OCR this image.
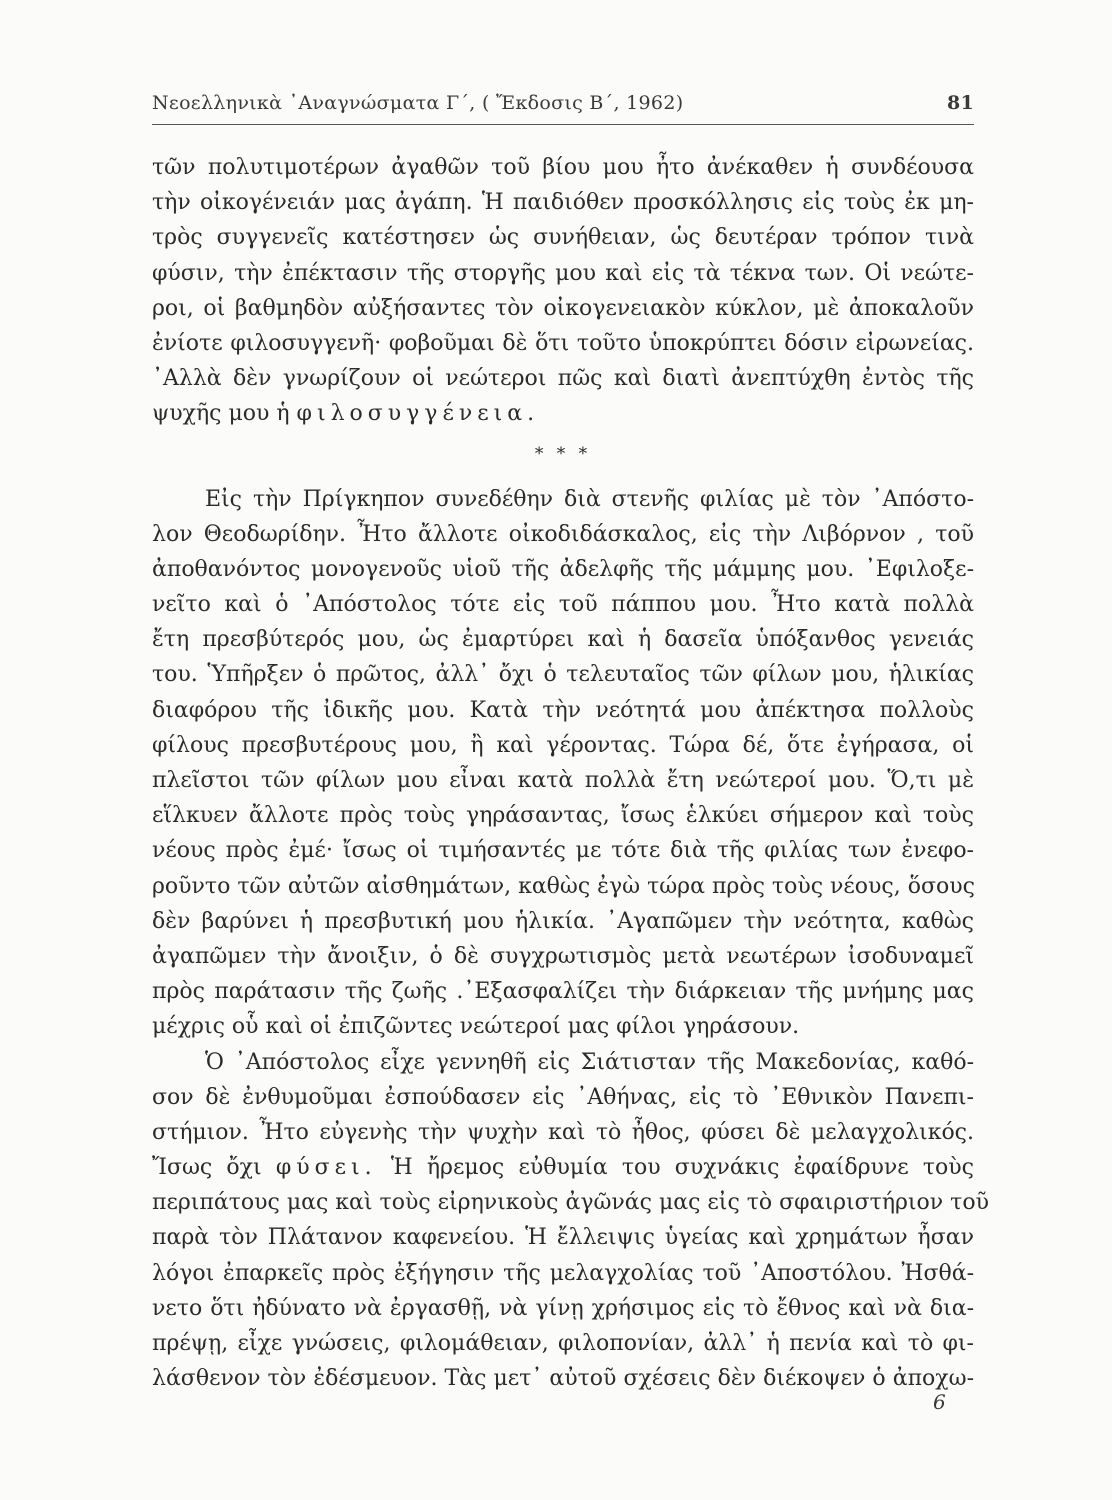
Νεοελληνικὰ ᾿Αναγνώσματα Γ΄, ( Ἔκδοσις Β΄, 1962)	81
τῶν πολυτιμοτέρων ἀγαθῶν τοῦ βίου μου ἦτο ἀνέκαθεν ἡ συνδέουσα
τὴν οἰκογένειάν μας ἀγάπη. Ἡ παιδιόθεν προσκόλλησις εἰς τοὺς ἐκ μη-
τρὸς συγγενεῖς κατέστησεν ὡς συνήθειαν, ὡς δευτέραν τρόπον τινὰ
φύσιν, τὴν ἐπέκτασιν τῆς στοργῆς μου καὶ εἰς τὰ τέκνα των. Οἱ νεώτε-
ροι, οἱ βαθμηδὸν αὐξήσαντες τὸν οἰκογενειακὸν κύκλον, μὲ ἀποκαλοῦν
ἐνίοτε φιλοσυγγενῆ· φοβοῦμαι δὲ ὅτι τοῦτο ὑποκρύπτει δόσιν εἰρωνείας.
᾿Αλλὰ δὲν γνωρίζουν οἱ νεώτεροι πῶς καὶ διατὶ ἀνεπτύχθη ἐντὸς τῆς
ψυχῆς μου ἡ φιλοσυγγένεια.
* * *
Εἰς τὴν Πρίγκηπον συνεδέθην διὰ στενῆς φιλίας μὲ τὸν ᾿Απόστο-
λον Θεοδωρίδην. Ἦτο ἄλλοτε οἰκοδιδάσκαλος, εἰς τὴν Λιβόρνον , τοῦ
ἀποθανόντος μονογενοῦς υἱοῦ τῆς ἀδελφῆς τῆς μάμμης μου. ᾿Εφιλοξε-
νεῖτο καὶ ὁ ᾿Απόστολος τότε εἰς τοῦ πάππου μου. Ἦτο κατὰ πολλὰ
ἔτη πρεσβύτερός μου, ὡς ἐμαρτύρει καὶ ἡ δασεῖα ὑπόξανθος γενειάς
του. Ὑπῆρξεν ὁ πρῶτος, ἀλλ᾿ ὄχι ὁ τελευταῖος τῶν φίλων μου, ἡλικίας
διαφόρου τῆς ἰδικῆς μου. Κατὰ τὴν νεότητά μου ἀπέκτησα πολλοὺς
φίλους πρεσβυτέρους μου, ἢ καὶ γέροντας. Τώρα δέ, ὅτε ἐγήρασα, οἱ
πλεῖστοι τῶν φίλων μου εἶναι κατὰ πολλὰ ἔτη νεώτεροί μου. Ὅ,τι μὲ
εἵλκυεν ἄλλοτε πρὸς τοὺς γηράσαντας, ἴσως ἑλκύει σήμερον καὶ τοὺς
νέους πρὸς ἐμέ· ἴσως οἱ τιμήσαντές με τότε διὰ τῆς φιλίας των ἐνεφο-
ροῦντο τῶν αὐτῶν αἰσθημάτων, καθὼς ἐγὼ τώρα πρὸς τοὺς νέους, ὅσους
δὲν βαρύνει ἡ πρεσβυτική μου ἡλικία. ᾿Αγαπῶμεν τὴν νεότητα, καθὼς
ἀγαπῶμεν τὴν ἄνοιξιν, ὁ δὲ συγχρωτισμὸς μετὰ νεωτέρων ἰσοδυναμεῖ
πρὸς παράτασιν τῆς ζωῆς .᾿Εξασφαλίζει τὴν διάρκειαν τῆς μνήμης μας
μέχρις οὗ καὶ οἱ ἐπιζῶντες νεώτεροί μας φίλοι γηράσουν.
Ὁ ᾿Απόστολος εἶχε γεννηθῆ εἰς Σιάτισταν τῆς Μακεδονίας, καθό-
σον δὲ ἐνθυμοῦμαι ἐσπούδασεν εἰς ᾿Αθήνας, εἰς τὸ ᾿Εθνικὸν Πανεπι-
στήμιον. Ἦτο εὐγενὴς τὴν ψυχὴν καὶ τὸ ἦθος, φύσει δὲ μελαγχολικός.
Ἴσως ὄχι φύσει. Ἡ ἤρεμος εὐθυμία του συχνάκις ἐφαίδρυνε τοὺς
περιπάτους μας καὶ τοὺς εἰρηνικοὺς ἀγῶνάς μας εἰς τὸ σφαιριστήριον τοῦ
παρὰ τὸν Πλάτανον καφενείου. Ἡ ἔλλειψις ὑγείας καὶ χρημάτων ἦσαν
λόγοι ἐπαρκεῖς πρὸς ἐξήγησιν τῆς μελαγχολίας τοῦ ᾿Αποστόλου. Ἠσθά-
νετο ὅτι ἠδύνατο νὰ ἐργασθῇ, νὰ γίνῃ χρήσιμος εἰς τὸ ἔθνος καὶ νὰ δια-
πρέψῃ, εἶχε γνώσεις, φιλομάθειαν, φιλοπονίαν, ἀλλ᾿ ἡ πενία καὶ τὸ φι-
λάσθενον τὸν ἐδέσμευον. Τὰς μετ᾿ αὐτοῦ σχέσεις δὲν διέκοψεν ὁ ἀποχω-
6
